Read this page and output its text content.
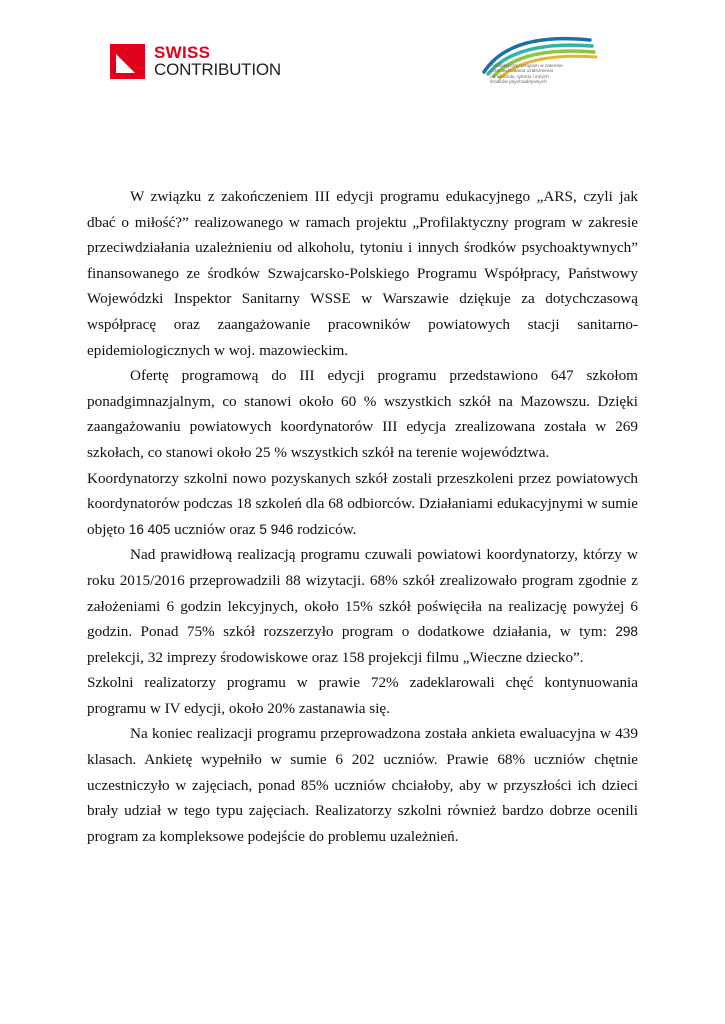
SWISS
CONTRIBUTION	Profilaktyczny program w zakresie
przeciwdziałania uzależnieniu
od alkoholu, tytoniu i innych
środków psychoaktywnych

W związku z zakończeniem III edycji programu edukacyjnego „ARS, czyli jak dbać o miłość?” realizowanego w ramach projektu „Profilaktyczny program w zakresie przeciwdziałania uzależnieniu od alkoholu, tytoniu i innych środków psychoaktywnych” finansowanego ze środków Szwajcarsko-Polskiego Programu Współpracy, Państwowy Wojewódzki Inspektor Sanitarny WSSE w Warszawie dziękuje za dotychczasową współpracę oraz zaangażowanie pracowników powiatowych stacji sanitarno-epidemiologicznych w woj. mazowieckim.

Ofertę programową do III edycji programu przedstawiono 647 szkołom ponadgimnazjalnym, co stanowi około 60 % wszystkich szkół na Mazowszu. Dzięki zaangażowaniu powiatowych koordynatorów III edycja zrealizowana została w 269 szkołach, co stanowi około 25 % wszystkich szkół na terenie województwa.

Koordynatorzy szkolni nowo pozyskanych szkół zostali przeszkoleni przez powiatowych koordynatorów podczas 18 szkoleń dla 68 odbiorców. Działaniami edukacyjnymi w sumie objęto 16 405 uczniów oraz 5 946 rodziców.

Nad prawidłową realizacją programu czuwali powiatowi koordynatorzy, którzy w roku 2015/2016 przeprowadzili 88 wizytacji. 68% szkół zrealizowało program zgodnie z założeniami 6 godzin lekcyjnych, około 15% szkół poświęciła na realizację powyżej 6 godzin. Ponad 75% szkół rozszerzyło program o dodatkowe działania, w tym: 298 prelekcji, 32 imprezy środowiskowe oraz 158 projekcji filmu „Wieczne dziecko”.

Szkolni realizatorzy programu w prawie 72% zadeklarowali chęć kontynuowania programu w IV edycji, około 20% zastanawia się.

Na koniec realizacji programu przeprowadzona została ankieta ewaluacyjna w 439 klasach. Ankietę wypełniło w sumie 6 202 uczniów. Prawie 68% uczniów chętnie uczestniczyło w zajęciach, ponad 85% uczniów chciałoby, aby w przyszłości ich dzieci brały udział w tego typu zajęciach. Realizatorzy szkolni również bardzo dobrze ocenili program za kompleksowe podejście do problemu uzależnień.
